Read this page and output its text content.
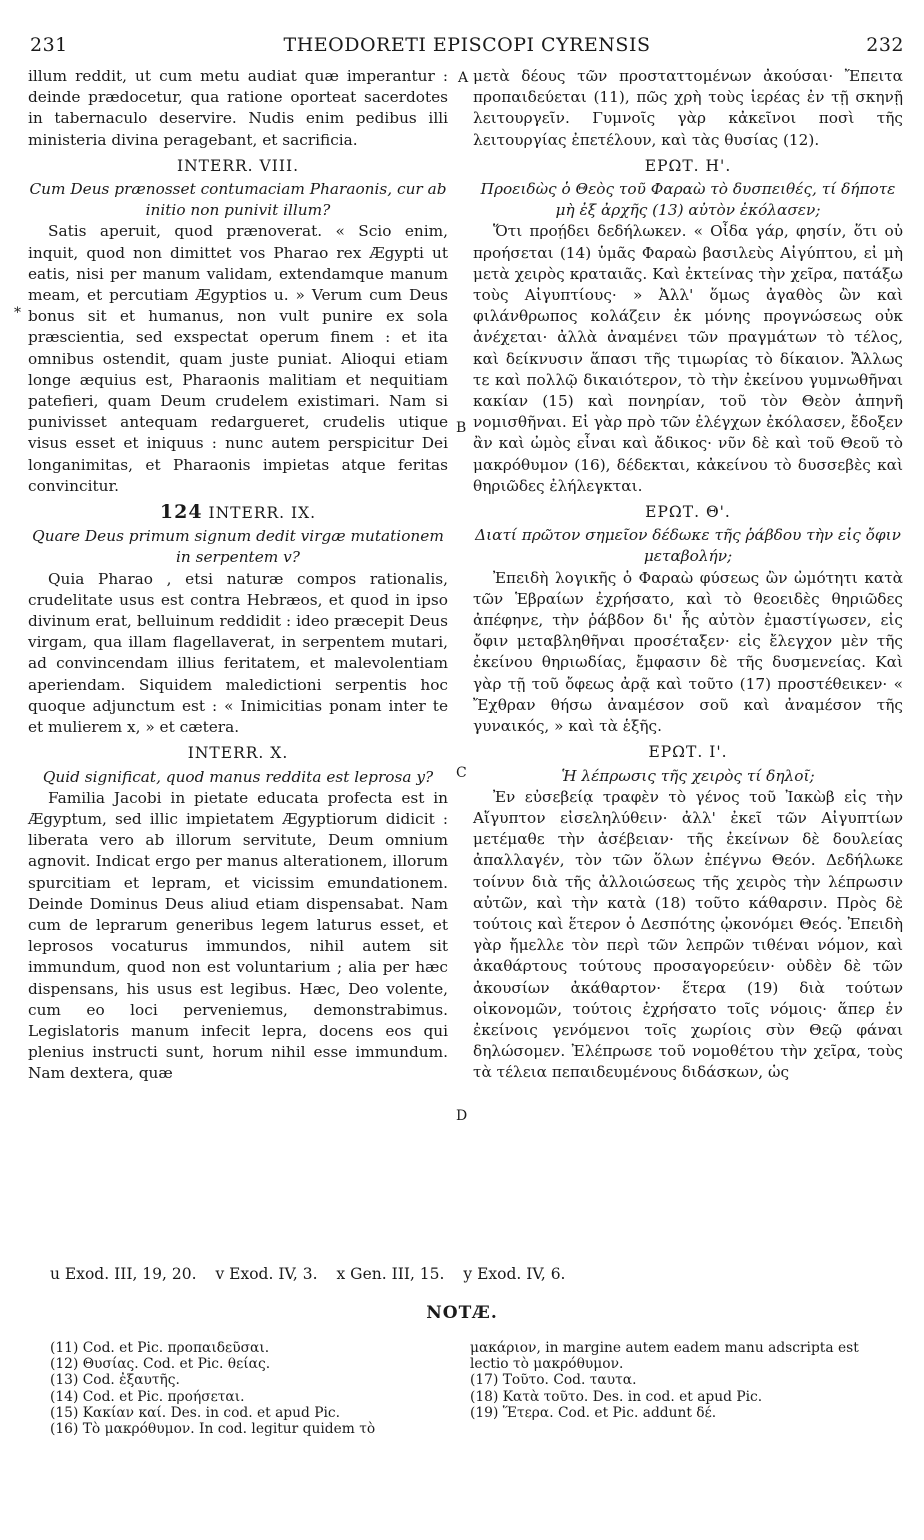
231	THEODORETI EPISCOPI CYRENSIS	232

illum reddit, ut cum metu audiat quæ imperantur : deinde prædocetur, qua ratione oporteat sacerdotes in tabernaculo deservire. Nudis enim pedibus illi ministeria divina peragebant, et sacrificia.

INTERR. VIII.

Cum Deus prænosset contumaciam Pharaonis, cur ab initio non punivit illum?

Satis aperuit, quod prænoverat. « Scio enim, inquit, quod non dimittet vos Pharao rex Ægypti ut eatis, nisi per manum validam, extendamque manum meam, et percutiam Ægyptios u. » Verum cum Deus bonus sit et humanus, non vult punire ex sola præscientia, sed exspectat operum finem : et ita omnibus ostendit, quam juste puniat. Alioqui etiam longe æquius est, Pharaonis malitiam et nequitiam patefieri, quam Deum crudelem existimari. Nam si punivisset antequam redargueret, crudelis utique visus esset et iniquus : nunc autem perspicitur Dei longanimitas, et Pharaonis impietas atque feritas convincitur.

124 INTERR. IX.

Quare Deus primum signum dedit virgæ mutationem in serpentem v?

Quia Pharao , etsi naturæ compos rationalis, crudelitate usus est contra Hebræos, et quod in ipso divinum erat, belluinum reddidit : ideo præcepit Deus virgam, qua illam flagellaverat, in serpentem mutari, ad convincendam illius feritatem, et malevolentiam aperiendam. Siquidem maledictioni serpentis hoc quoque adjunctum est : « Inimicitias ponam inter te et mulierem x, » et cætera.

INTERR. X.

Quid significat, quod manus reddita est leprosa y?

Familia Jacobi in pietate educata profecta est in Ægyptum, sed illic impietatem Ægyptiorum didicit : liberata vero ab illorum servitute, Deum omnium agnovit. Indicat ergo per manus alterationem, illorum spurcitiam et lepram, et vicissim emundationem. Deinde Dominus Deus aliud etiam dispensabat. Nam cum de leprarum generibus legem laturus esset, et leprosos vocaturus immundos, nihil autem sit immundum, quod non est voluntarium ; alia per hæc dispensans, his usus est legibus. Hæc, Deo volente, cum eo loci perveniemus, demonstrabimus. Legislatoris manum infecit lepra, docens eos qui plenius instructi sunt, horum nihil esse immundum. Nam dextera, quæ

A
B
C
D
*

μετὰ δέους τῶν προσταττομένων ἀκούσαι· Ἔπειτα προπαιδεύεται (11), πῶς χρὴ τοὺς ἱερέας ἐν τῇ σκηνῇ λειτουργεῖν. Γυμνοῖς γὰρ κἀκεῖνοι ποσὶ τῆς λειτουργίας ἐπετέλουν, καὶ τὰς θυσίας (12).

ΕΡΩΤ. Η'.

Προειδὼς ὁ Θεὸς τοῦ Φαραὼ τὸ δυσπειθές, τί δήποτε μὴ ἐξ ἀρχῆς (13) αὐτὸν ἐκόλασεν;

Ὅτι προῄδει δεδήλωκεν. « Οἶδα γάρ, φησίν, ὅτι οὐ προήσεται (14) ὑμᾶς Φαραὼ βασιλεὺς Αἰγύπτου, εἰ μὴ μετὰ χειρὸς κραταιᾶς. Καὶ ἐκτείνας τὴν χεῖρα, πατάξω τοὺς Αἰγυπτίους· » Ἀλλ' ὅμως ἀγαθὸς ὢν καὶ φιλάνθρωπος κολάζειν ἐκ μόνης προγνώσεως οὐκ ἀνέχεται· ἀλλὰ ἀναμένει τῶν πραγμάτων τὸ τέλος, καὶ δείκνυσιν ἅπασι τῆς τιμωρίας τὸ δίκαιον. Ἄλλως τε καὶ πολλῷ δικαιότερον, τὸ τὴν ἐκείνου γυμνωθῆναι κακίαν (15) καὶ πονηρίαν, τοῦ τὸν Θεὸν ἀπηνῆ νομισθῆναι. Εἰ γὰρ πρὸ τῶν ἐλέγχων ἐκόλασεν, ἔδοξεν ἂν καὶ ὠμὸς εἶναι καὶ ἄδικος· νῦν δὲ καὶ τοῦ Θεοῦ τὸ μακρόθυμον (16), δέδεκται, κἀκείνου τὸ δυσσεβὲς καὶ θηριῶδες ἐλήλεγκται.

ΕΡΩΤ. Θ'.

Διατί πρῶτον σημεῖον δέδωκε τῆς ῥάβδου τὴν εἰς ὄφιν μεταβολήν;

Ἐπειδὴ λογικῆς ὁ Φαραὼ φύσεως ὢν ὠμότητι κατὰ τῶν Ἑβραίων ἐχρήσατο, καὶ τὸ θεοειδὲς θηριῶδες ἀπέφηνε, τὴν ῥάβδον δι' ἧς αὐτὸν ἐμαστίγωσεν, εἰς ὄφιν μεταβληθῆναι προσέταξεν· εἰς ἔλεγχον μὲν τῆς ἐκείνου θηριωδίας, ἔμφασιν δὲ τῆς δυσμενείας. Καὶ γὰρ τῇ τοῦ ὄφεως ἀρᾷ καὶ τοῦτο (17) προστέθεικεν· « Ἔχθραν θήσω ἀναμέσον σοῦ καὶ ἀναμέσον τῆς γυναικός, » καὶ τὰ ἑξῆς.

ΕΡΩΤ. Ι'.

Ἡ λέπρωσις τῆς χειρὸς τί δηλοῖ;

Ἐν εὐσεβείᾳ τραφὲν τὸ γένος τοῦ Ἰακὼβ εἰς τὴν Αἴγυπτον εἰσεληλύθειν· ἀλλ' ἐκεῖ τῶν Αἰγυπτίων μετέμαθε τὴν ἀσέβειαν· τῆς ἐκείνων δὲ δουλείας ἀπαλλαγέν, τὸν τῶν ὅλων ἐπέγνω Θεόν. Δεδήλωκε τοίνυν διὰ τῆς ἀλλοιώσεως τῆς χειρὸς τὴν λέπρωσιν αὐτῶν, καὶ τὴν κατὰ (18) τοῦτο κάθαρσιν. Πρὸς δὲ τούτοις καὶ ἕτερον ὁ Δεσπότης ᾠκονόμει Θεός. Ἐπειδὴ γὰρ ἤμελλε τὸν περὶ τῶν λεπρῶν τιθέναι νόμον, καὶ ἀκαθάρτους τούτους προσαγορεύειν· οὐδὲν δὲ τῶν ἀκουσίων ἀκάθαρτον· ἕτερα (19) διὰ τούτων οἰκονομῶν, τούτοις ἐχρήσατο τοῖς νόμοις· ἅπερ ἐν ἐκείνοις γενόμενοι τοῖς χωρίοις σὺν Θεῷ φάναι δηλώσομεν. Ἐλέπρωσε τοῦ νομοθέτου τὴν χεῖρα, τοὺς τὰ τέλεια πεπαιδευμένους διδάσκων, ὡς

u Exod. III, 19, 20. v Exod. IV, 3. x Gen. III, 15. y Exod. IV, 6.
NOTÆ.
(11) Cod. et Pic. προπαιδεῦσαι.
(12) Θυσίας. Cod. et Pic. θείας.
(13) Cod. ἐξαυτῆς.
(14) Cod. et Pic. προήσεται.
(15) Κακίαν καί. Des. in cod. et apud Pic.
(16) Τὸ μακρόθυμον. In cod. legitur quidem τὸ
μακάριον, in margine autem eadem manu adscripta est lectio τὸ μακρόθυμον.
(17) Τοῦτο. Cod. ταυτα.
(18) Κατὰ τοῦτο. Des. in cod. et apud Pic.
(19) Ἕτερα. Cod. et Pic. addunt δέ.
